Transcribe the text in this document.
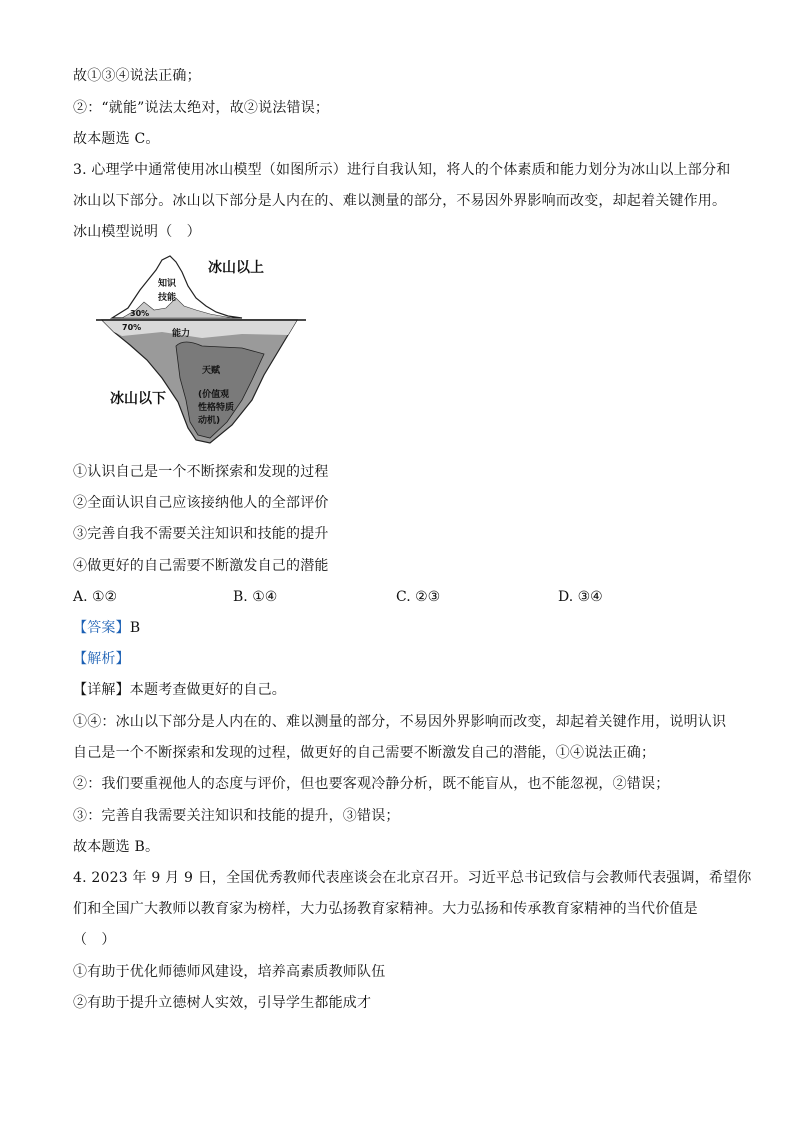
故①③④说法正确；
②：“就能”说法太绝对，故②说法错误；
故本题选 C。
3. 心理学中通常使用冰山模型（如图所示）进行自我认知，将人的个体素质和能力划分为冰山以上部分和
冰山以下部分。冰山以下部分是人内在的、难以测量的部分，不易因外界影响而改变，却起着关键作用。
冰山模型说明（　）
冰山以上
知识
技能
30%
70%
能力
天赋
冰山以下	(价值观
性格特质
动机)
①认识自己是一个不断探索和发现的过程
②全面认识自己应该接纳他人的全部评价
③完善自我不需要关注知识和技能的提升
④做更好的自己需要不断激发自己的潜能
A. ①②	B. ①④	C. ②③	D. ③④
【答案】B
【解析】
【详解】本题考查做更好的自己。
①④：冰山以下部分是人内在的、难以测量的部分，不易因外界影响而改变，却起着关键作用，说明认识
自己是一个不断探索和发现的过程，做更好的自己需要不断激发自己的潜能，①④说法正确；
②：我们要重视他人的态度与评价，但也要客观冷静分析，既不能盲从，也不能忽视，②错误；
③：完善自我需要关注知识和技能的提升，③错误；
故本题选 B。
4. 2023 年 9 月 9 日，全国优秀教师代表座谈会在北京召开。习近平总书记致信与会教师代表强调，希望你
们和全国广大教师以教育家为榜样，大力弘扬教育家精神。大力弘扬和传承教育家精神的当代价值是
（　）
①有助于优化师德师风建设，培养高素质教师队伍
②有助于提升立德树人实效，引导学生都能成才
